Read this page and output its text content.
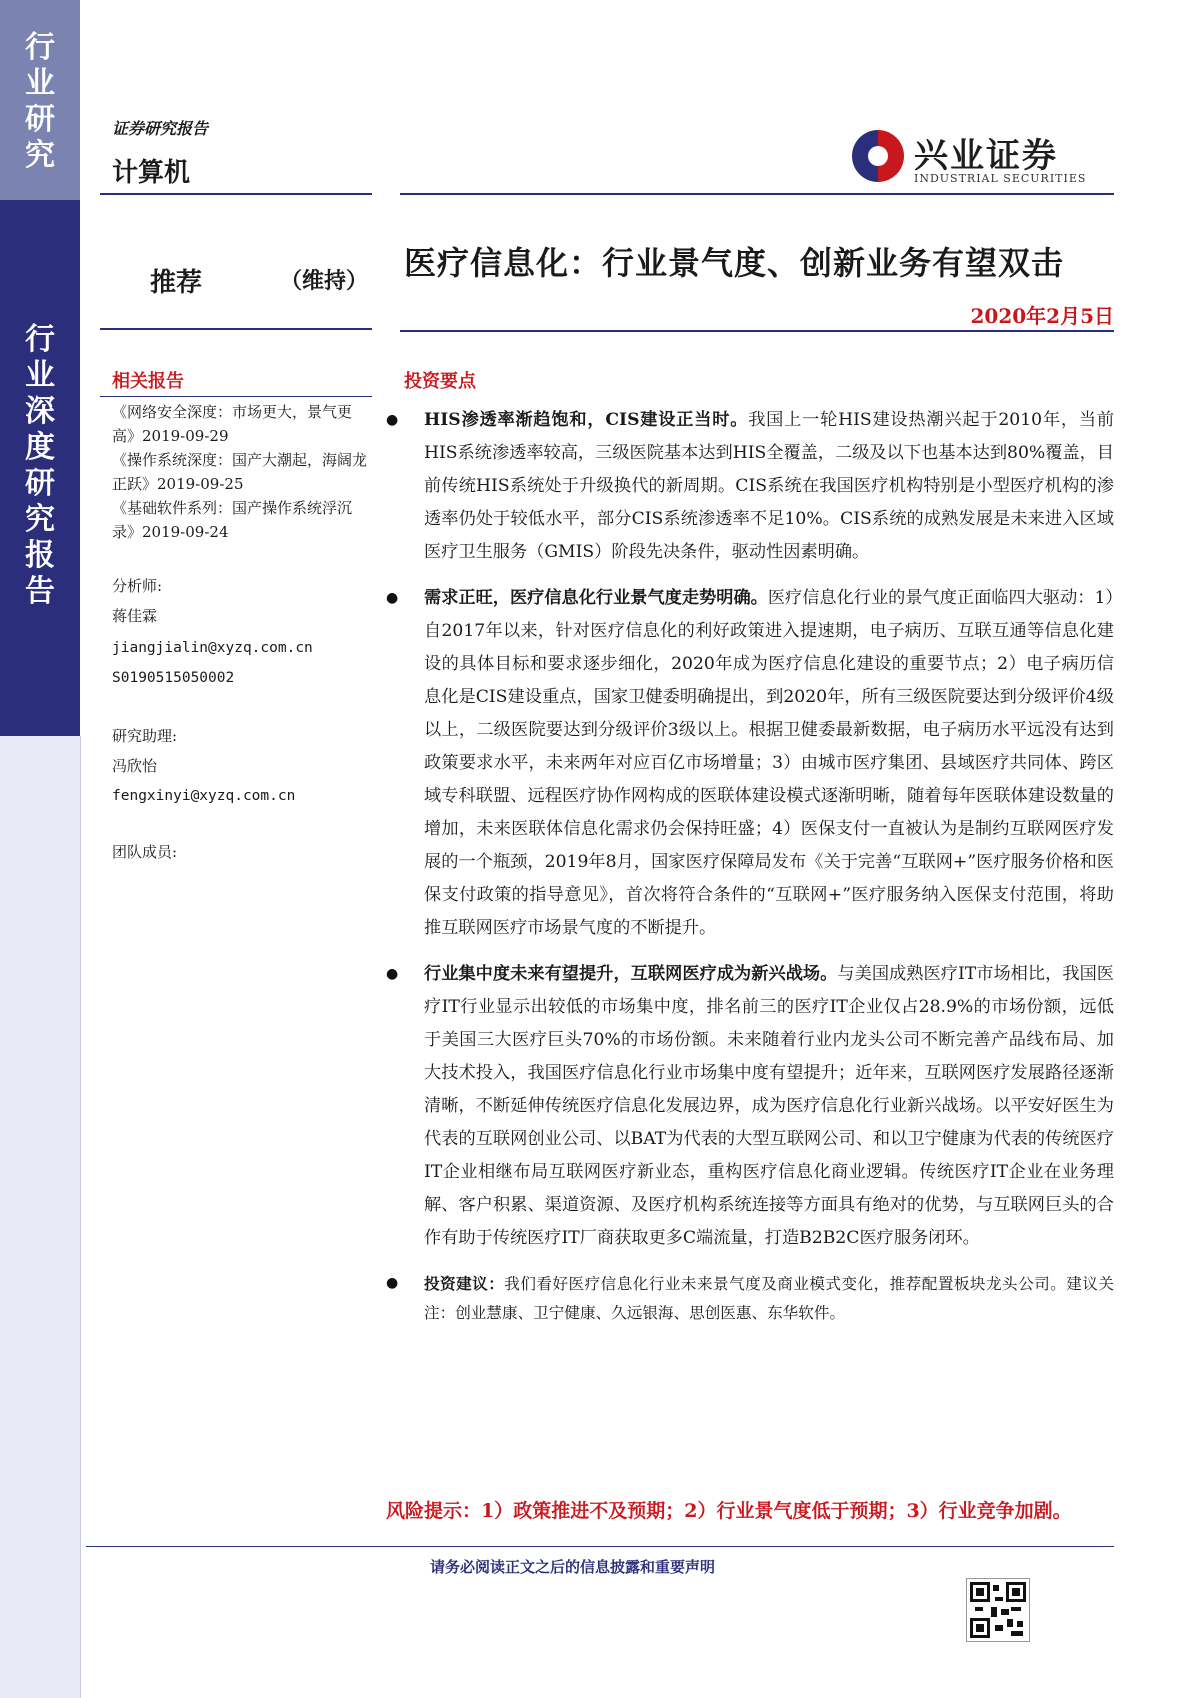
行
业
研
究
行
业
深
度
研
究
报
告
证券研究报告
计算机	兴业证券
INDUSTRIAL SECURITIES
推荐	（维持） 医疗信息化：行业景气度、创新业务有望双击
2020年2月5日
相关报告

《网络安全深度：市场更大，景气更高》2019-09-29

《操作系统深度：国产大潮起，海阔龙正跃》2019-09-25

《基础软件系列：国产操作系统浮沉录》2019-09-24

分析师:
蒋佳霖
jiangjialin@xyzq.com.cn
S0190515050002
研究助理:
冯欣怡
fengxinyi@xyzq.com.cn
团队成员:
投资要点
● HIS渗透率渐趋饱和，CIS建设正当时。我国上一轮HIS建设热潮兴起于2010年，当前HIS系统渗透率较高，三级医院基本达到HIS全覆盖，二级及以下也基本达到80%覆盖，目前传统HIS系统处于升级换代的新周期。CIS系统在我国医疗机构特别是小型医疗机构的渗透率仍处于较低水平，部分CIS系统渗透率不足10%。CIS系统的成熟发展是未来进入区域医疗卫生服务（GMIS）阶段先决条件，驱动性因素明确。
● 需求正旺，医疗信息化行业景气度走势明确。医疗信息化行业的景气度正面临四大驱动：1）自2017年以来，针对医疗信息化的利好政策进入提速期，电子病历、互联互通等信息化建设的具体目标和要求逐步细化，2020年成为医疗信息化建设的重要节点；2）电子病历信息化是CIS建设重点，国家卫健委明确提出，到2020年，所有三级医院要达到分级评价4级以上，二级医院要达到分级评价3级以上。根据卫健委最新数据，电子病历水平远没有达到政策要求水平，未来两年对应百亿市场增量；3）由城市医疗集团、县域医疗共同体、跨区域专科联盟、远程医疗协作网构成的医联体建设模式逐渐明晰，随着每年医联体建设数量的增加，未来医联体信息化需求仍会保持旺盛；4）医保支付一直被认为是制约互联网医疗发展的一个瓶颈，2019年8月，国家医疗保障局发布《关于完善“互联网+”医疗服务价格和医保支付政策的指导意见》，首次将符合条件的“互联网+”医疗服务纳入医保支付范围，将助推互联网医疗市场景气度的不断提升。
● 行业集中度未来有望提升，互联网医疗成为新兴战场。与美国成熟医疗IT市场相比，我国医疗IT行业显示出较低的市场集中度，排名前三的医疗IT企业仅占28.9%的市场份额，远低于美国三大医疗巨头70%的市场份额。未来随着行业内龙头公司不断完善产品线布局、加大技术投入，我国医疗信息化行业市场集中度有望提升；近年来，互联网医疗发展路径逐渐清晰，不断延伸传统医疗信息化发展边界，成为医疗信息化行业新兴战场。以平安好医生为代表的互联网创业公司、以BAT为代表的大型互联网公司、和以卫宁健康为代表的传统医疗IT企业相继布局互联网医疗新业态，重构医疗信息化商业逻辑。传统医疗IT企业在业务理解、客户积累、渠道资源、及医疗机构系统连接等方面具有绝对的优势，与互联网巨头的合作有助于传统医疗IT厂商获取更多C端流量，打造B2B2C医疗服务闭环。
● 投资建议：我们看好医疗信息化行业未来景气度及商业模式变化，推荐配置板块龙头公司。建议关注：创业慧康、卫宁健康、久远银海、思创医惠、东华软件。
风险提示：1）政策推进不及预期；2）行业景气度低于预期；3）行业竞争加剧。
请务必阅读正文之后的信息披露和重要声明
